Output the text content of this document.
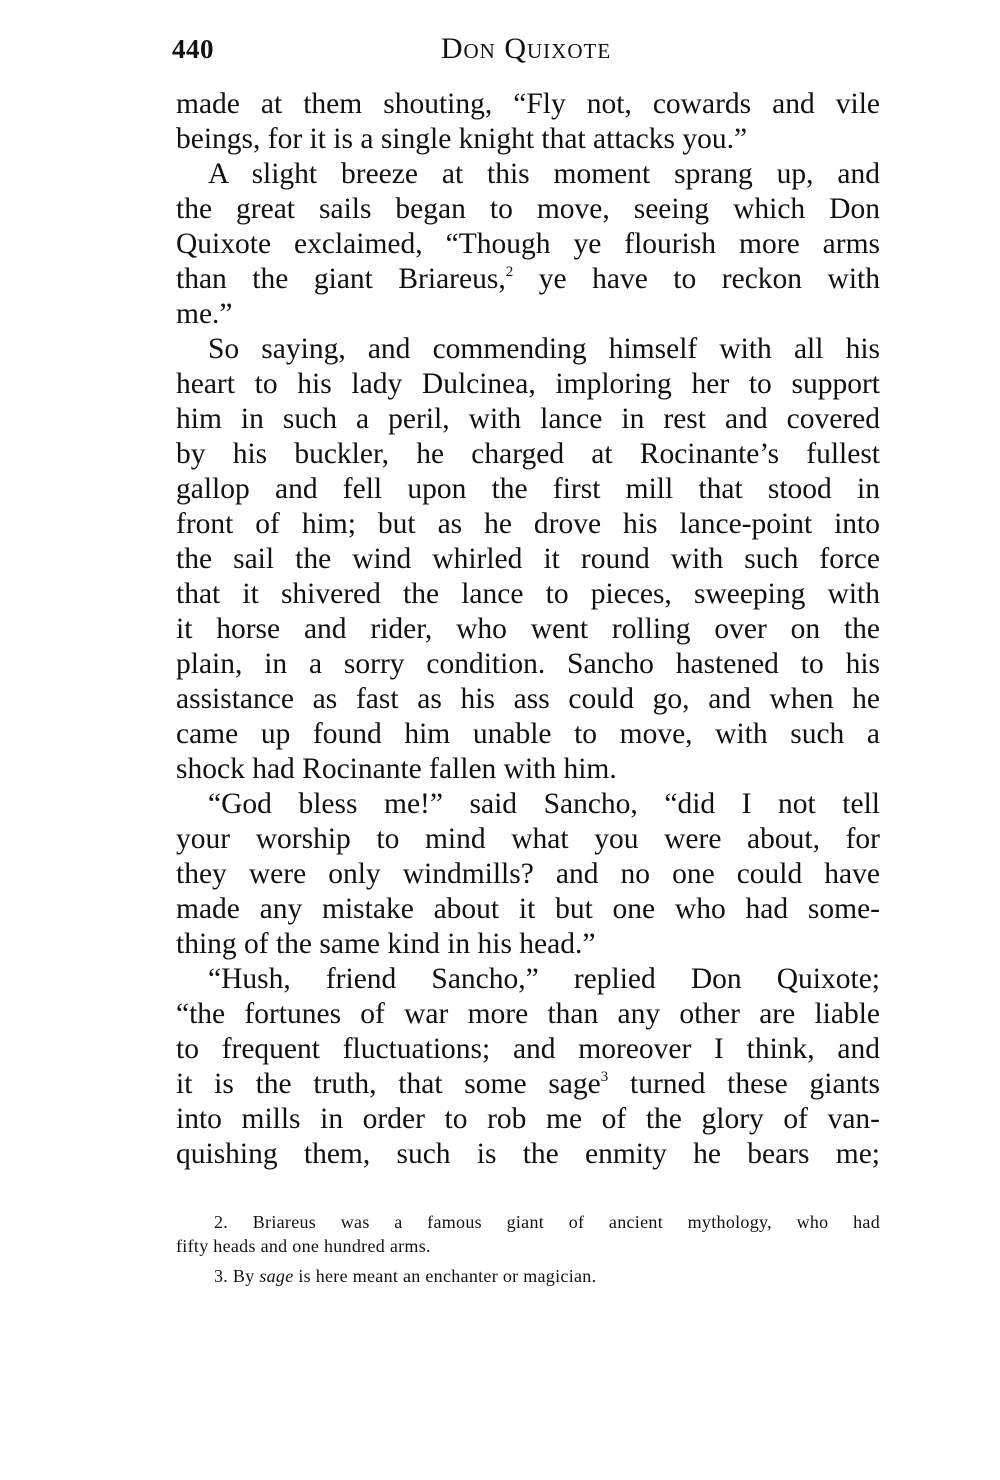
440	Don Quixote
made at them shouting, “Fly not, cowards and vile
beings, for it is a single knight that attacks you.”
A slight breeze at this moment sprang up, and
the great sails began to move, seeing which Don
Quixote exclaimed, “Though ye flourish more arms
than the giant Briareus,$^2$ ye have to reckon with
me.”
So saying, and commending himself with all his
heart to his lady Dulcinea, imploring her to support
him in such a peril, with lance in rest and covered
by his buckler, he charged at Rocinante’s fullest
gallop and fell upon the first mill that stood in
front of him; but as he drove his lance-point into
the sail the wind whirled it round with such force
that it shivered the lance to pieces, sweeping with
it horse and rider, who went rolling over on the
plain, in a sorry condition. Sancho hastened to his
assistance as fast as his ass could go, and when he
came up found him unable to move, with such a
shock had Rocinante fallen with him.
“God bless me!” said Sancho, “did I not tell
your worship to mind what you were about, for
they were only windmills? and no one could have
made any mistake about it but one who had some-
thing of the same kind in his head.”
“Hush, friend Sancho,” replied Don Quixote;
“the fortunes of war more than any other are liable
to frequent fluctuations; and moreover I think, and
it is the truth, that some sage$^3$ turned these giants
into mills in order to rob me of the glory of van-
quishing them, such is the enmity he bears me;
2. Briareus was a famous giant of ancient mythology, who had
fifty heads and one hundred arms.
3. By sage is here meant an enchanter or magician.
